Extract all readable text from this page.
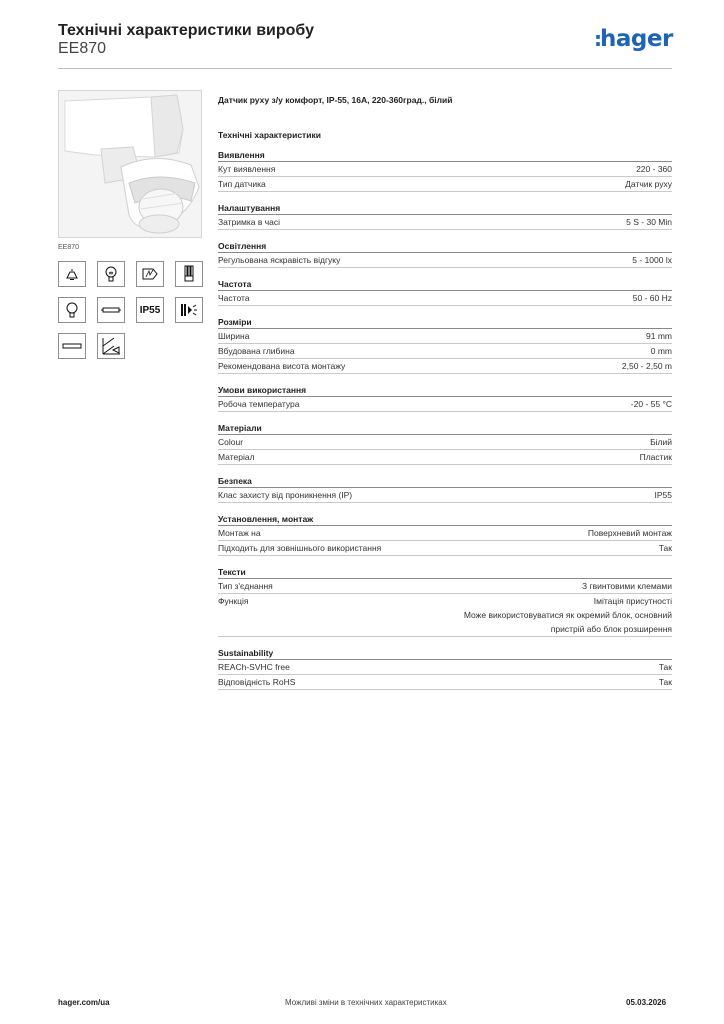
Технічні характеристики виробу
EE870	:hager
EE870
IP55
Датчик руху з/у комфорт, IP-55, 16A, 220-360град., білий
Технічні характеристики
Виявлення
Кут виявлення	220 - 360
Тип датчика	Датчик руху
Налаштування
Затримка в часі	5 S - 30 Min
Освітлення
Регульована яскравість відгуку	5 - 1000 lx
Частота
Частота	50 - 60 Hz
Розміри
Ширина	91 mm
Вбудована глибина	0 mm
Рекомендована висота монтажу	2,50 - 2,50 m
Умови використання
Робоча температура	-20 - 55 °C
Матеріали
Colour	Білий
Матеріал	Пластик
Безпека
Клас захисту від проникнення (IP)	IP55
Установлення, монтаж
Монтаж на	Поверхневий монтаж
Підходить для зовнішнього використання	Так
Тексти
Тип з'єднання	З гвинтовими клемами
Функція	Імітація присутності
Може використовуватися як окремий блок, основний
пристрій або блок розширення
Sustainability
REACh-SVHC free	Так
Відповідність RoHS	Так
hager.com/ua	Можливі зміни в технічних характеристиках	05.03.2026
